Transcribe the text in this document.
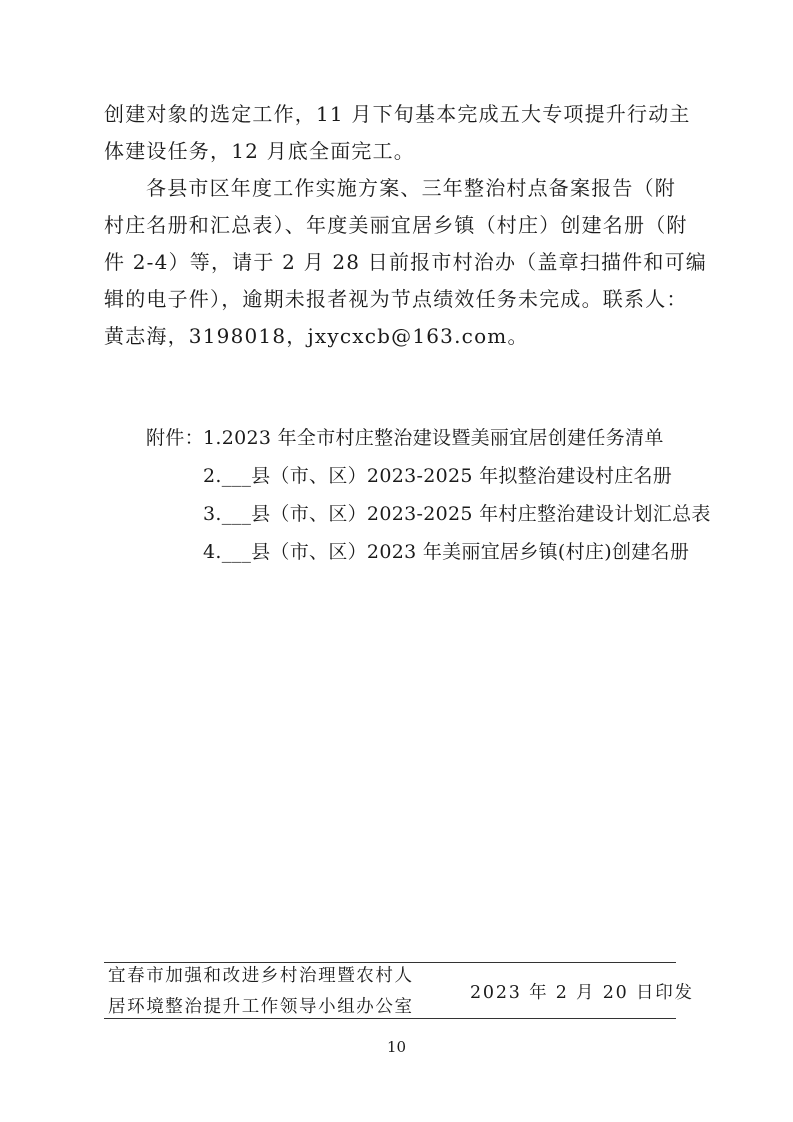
创建对象的选定工作，11 月下旬基本完成五大专项提升行动主
体建设任务，12 月底全面完工。
各县市区年度工作实施方案、三年整治村点备案报告（附
村庄名册和汇总表）、年度美丽宜居乡镇（村庄）创建名册（附
件 2-4）等，请于 2 月 28 日前报市村治办（盖章扫描件和可编
辑的电子件），逾期未报者视为节点绩效任务未完成。联系人：
黄志海，3198018，jxycxcb@163.com。
附件： 1.2023 年全市村庄整治建设暨美丽宜居创建任务清单
2.___县（市、区）2023-2025 年拟整治建设村庄名册
3.___县（市、区）2023-2025 年村庄整治建设计划汇总表
4.___县（市、区）2023 年美丽宜居乡镇(村庄)创建名册
宜春市加强和改进乡村治理暨农村人
居环境整治提升工作领导小组办公室
2023 年 2 月 20 日印发
10
